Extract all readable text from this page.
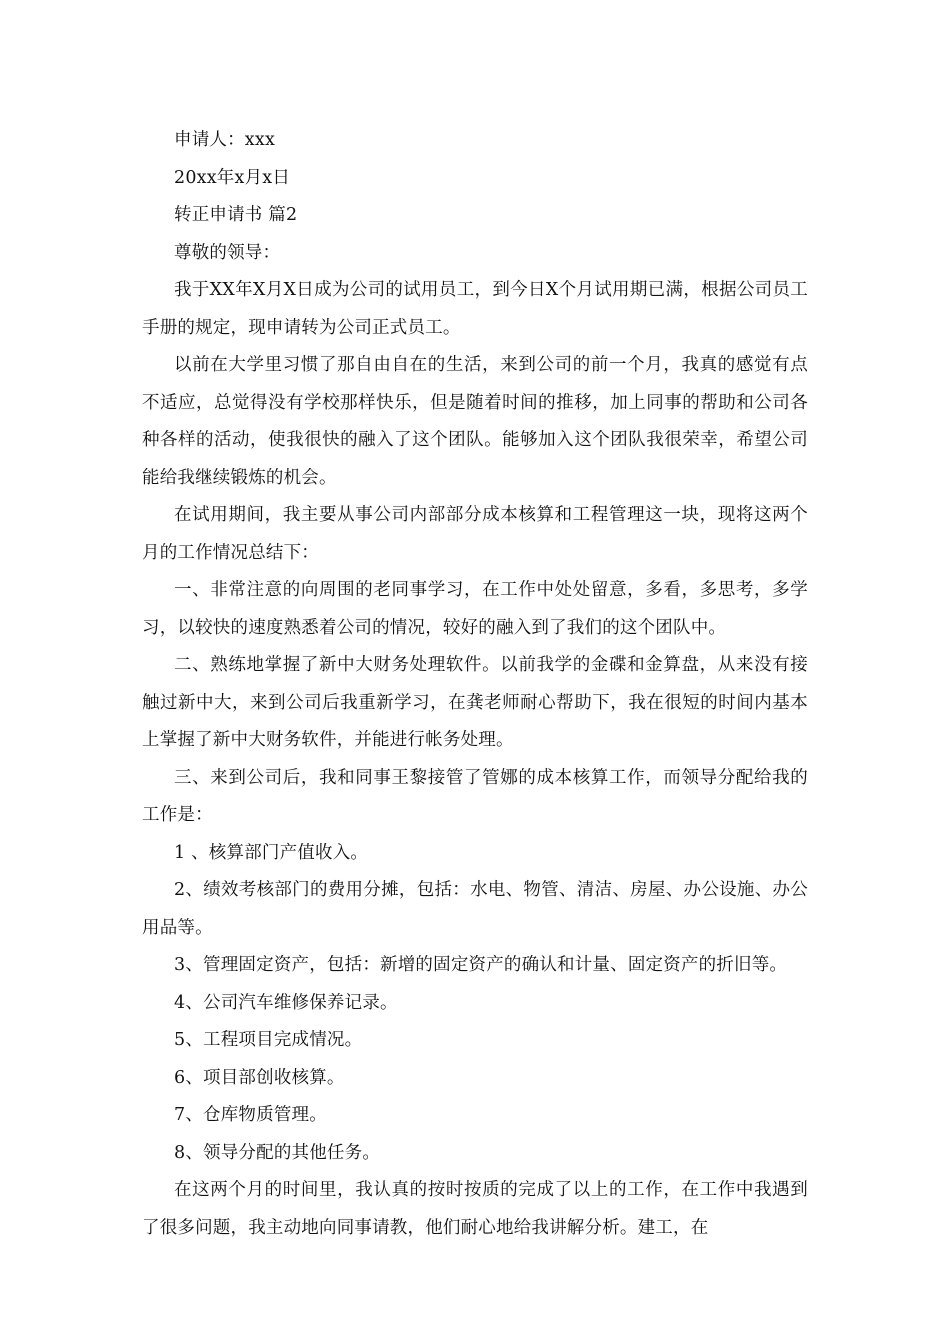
申请人：xxx

20xx年x月x日

转正申请书 篇2

尊敬的领导：

我于XX年X月X日成为公司的试用员工，到今日X个月试用期已满，根据公司员工手册的规定，现申请转为公司正式员工。

以前在大学里习惯了那自由自在的生活，来到公司的前一个月，我真的感觉有点不适应，总觉得没有学校那样快乐，但是随着时间的推移，加上同事的帮助和公司各种各样的活动，使我很快的融入了这个团队。能够加入这个团队我很荣幸，希望公司能给我继续锻炼的机会。

在试用期间，我主要从事公司内部部分成本核算和工程管理这一块，现将这两个月的工作情况总结下：

一、非常注意的向周围的老同事学习，在工作中处处留意，多看，多思考，多学习，以较快的速度熟悉着公司的情况，较好的融入到了我们的这个团队中。

二、熟练地掌握了新中大财务处理软件。以前我学的金碟和金算盘，从来没有接触过新中大，来到公司后我重新学习，在龚老师耐心帮助下，我在很短的时间内基本上掌握了新中大财务软件，并能进行帐务处理。

三、来到公司后，我和同事王黎接管了管娜的成本核算工作，而领导分配给我的工作是：

1 、核算部门产值收入。

2、绩效考核部门的费用分摊，包括：水电、物管、清洁、房屋、办公设施、办公用品等。

3、管理固定资产，包括：新增的固定资产的确认和计量、固定资产的折旧等。

4、公司汽车维修保养记录。

5、工程项目完成情况。

6、项目部创收核算。

7、仓库物质管理。

8、领导分配的其他任务。

在这两个月的时间里，我认真的按时按质的完成了以上的工作，在工作中我遇到了很多问题，我主动地向同事请教，他们耐心地给我讲解分析。建工，在
